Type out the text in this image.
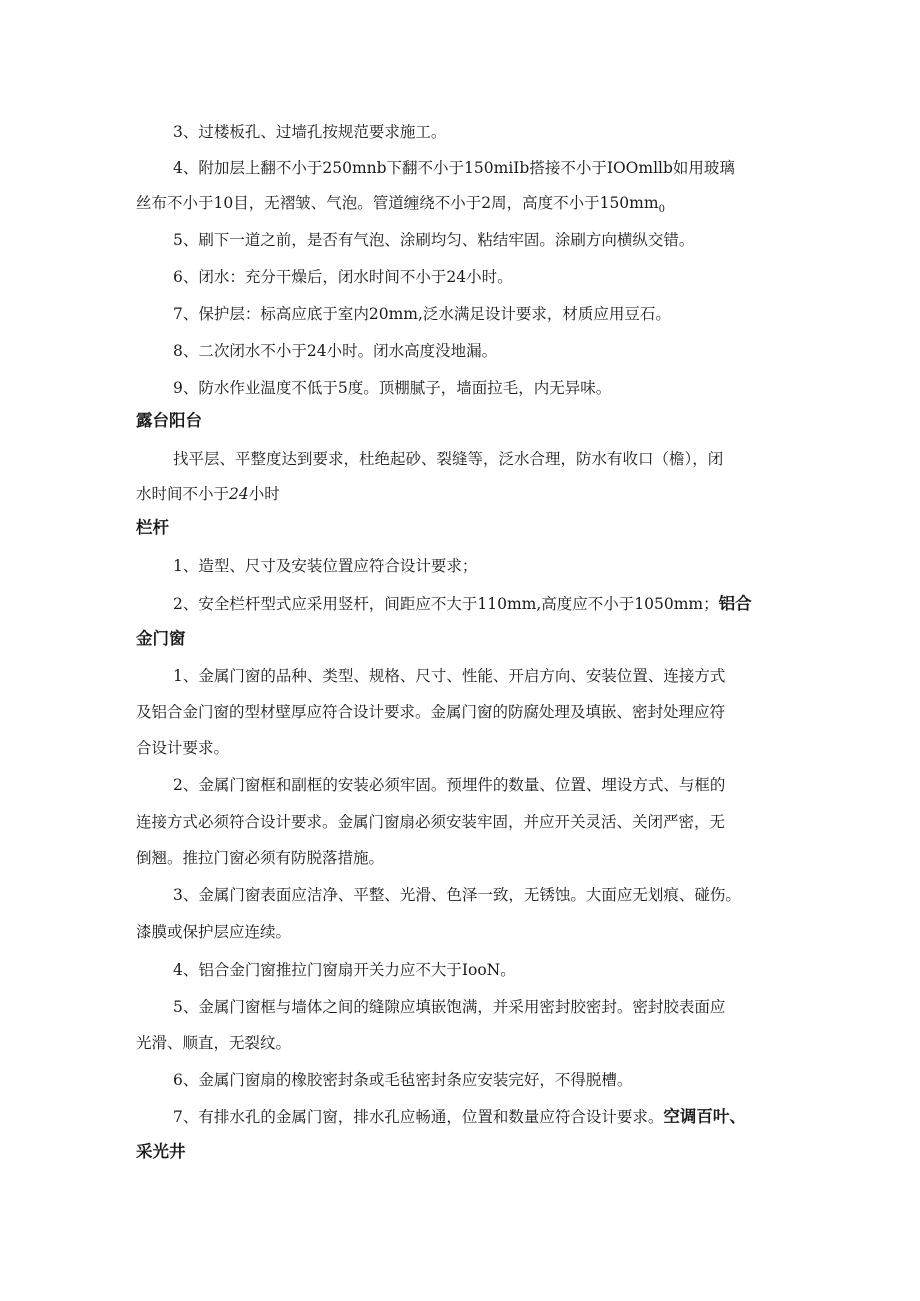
3、过楼板孔、过墙孔按规范要求施工。
4、附加层上翻不小于250mnb下翻不小于150miIb搭接不小于IOOmllb如用玻璃
丝布不小于10目，无褶皱、气泡。管道缠绕不小于2周，高度不小于$150mm_0$
5、刷下一道之前，是否有气泡、涂刷均匀、粘结牢固。涂刷方向横纵交错。
6、闭水：充分干燥后，闭水时间不小于24小时。
7、保护层：标高应底于室内20mm,泛水满足设计要求，材质应用豆石。
8、二次闭水不小于24小时。闭水高度没地漏。
9、防水作业温度不低于5度。顶棚腻子，墙面拉毛，内无异味。
露台阳台
找平层、平整度达到要求，杜绝起砂、裂缝等，泛水合理，防水有收口（檐），闭
水时间不小于24小时
栏杆
1、造型、尺寸及安装位置应符合设计要求；
2、安全栏杆型式应采用竖杆，间距应不大于110mm,高度应不小于1050mm；铝合
金门窗
1、金属门窗的品种、类型、规格、尺寸、性能、开启方向、安装位置、连接方式
及铝合金门窗的型材壁厚应符合设计要求。金属门窗的防腐处理及填嵌、密封处理应符
合设计要求。
2、金属门窗框和副框的安装必须牢固。预埋件的数量、位置、埋设方式、与框的
连接方式必须符合设计要求。金属门窗扇必须安装牢固，并应开关灵活、关闭严密，无
倒翘。推拉门窗必须有防脱落措施。
3、金属门窗表面应洁净、平整、光滑、色泽一致，无锈蚀。大面应无划痕、碰伤。
漆膜或保护层应连续。
4、铝合金门窗推拉门窗扇开关力应不大于IooN。
5、金属门窗框与墙体之间的缝隙应填嵌饱满，并采用密封胶密封。密封胶表面应
光滑、顺直，无裂纹。
6、金属门窗扇的橡胶密封条或毛毡密封条应安装完好，不得脱槽。
7、有排水孔的金属门窗，排水孔应畅通，位置和数量应符合设计要求。空调百叶、
采光井
